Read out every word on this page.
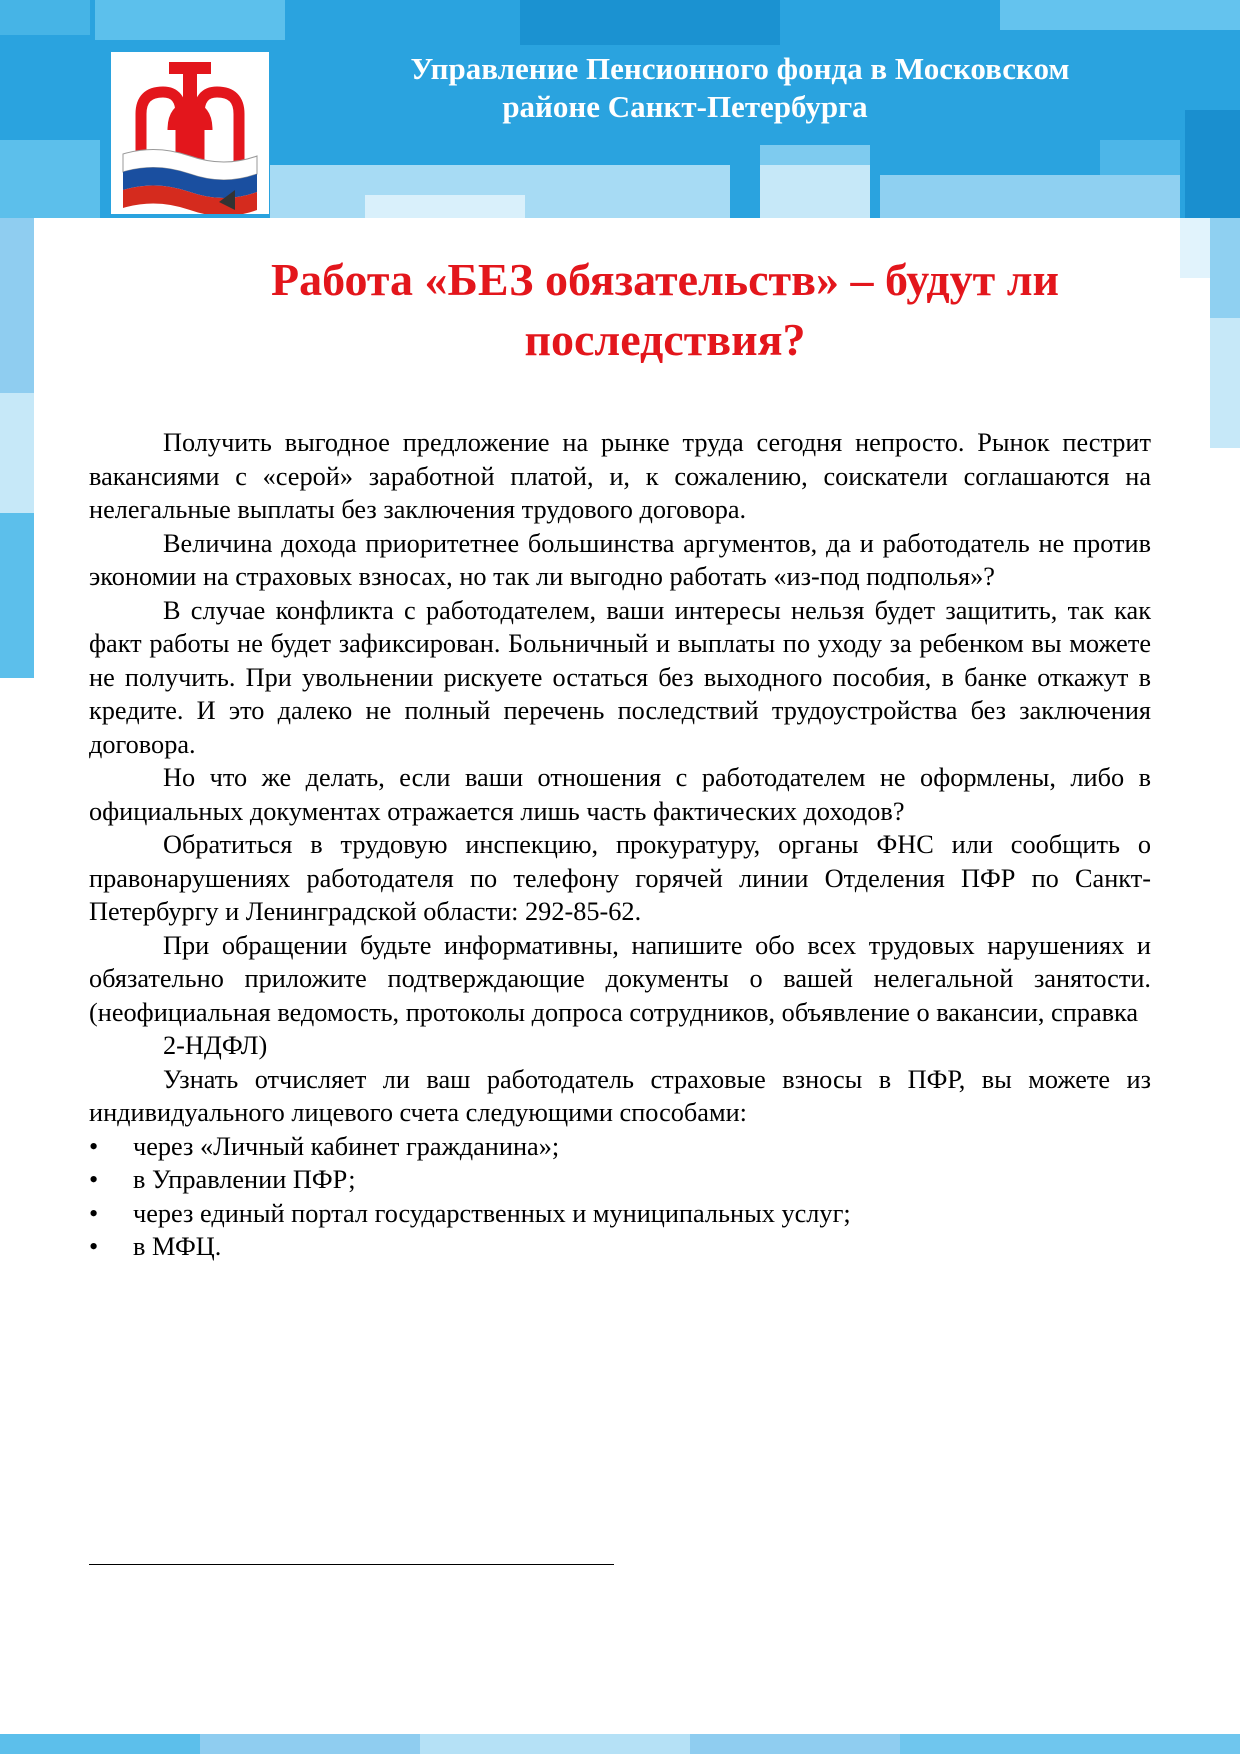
Управление Пенсионного фонда в Московском
районе Санкт-Петербурга
Работа «БЕЗ обязательств» – будут ли
последствия?

Получить выгодное предложение на рынке труда сегодня непросто. Рынок пестрит вакансиями с «серой» заработной платой, и, к сожалению, соискатели соглашаются на нелегальные выплаты без заключения трудового договора.

Величина дохода приоритетнее большинства аргументов, да и работодатель не против экономии на страховых взносах, но так ли выгодно работать «из-под подполья»?

В случае конфликта с работодателем, ваши интересы нельзя будет защитить, так как факт работы не будет зафиксирован. Больничный и выплаты по уходу за ребенком вы можете не получить. При увольнении рискуете остаться без выходного пособия, в банке откажут в кредите. И это далеко не полный перечень последствий трудоустройства без заключения договора.

Но что же делать, если ваши отношения с работодателем не оформлены, либо в официальных документах отражается лишь часть фактических доходов?

Обратиться в трудовую инспекцию, прокуратуру, органы ФНС или сообщить о правонарушениях работодателя по телефону горячей линии Отделения ПФР по Санкт-Петербургу и Ленинградской области: 292-85-62.

При обращении будьте информативны, напишите обо всех трудовых нарушениях и обязательно приложите подтверждающие документы о вашей нелегальной занятости. (неофициальная ведомость, протоколы допроса сотрудников, объявление о вакансии, справка

2-НДФЛ)

Узнать отчисляет ли ваш работодатель страховые взносы в ПФР, вы можете из индивидуального лицевого счета следующими способами:

• через «Личный кабинет гражданина»;
• в Управлении ПФР;
• через единый портал государственных и муниципальных услуг;
• в МФЦ.
